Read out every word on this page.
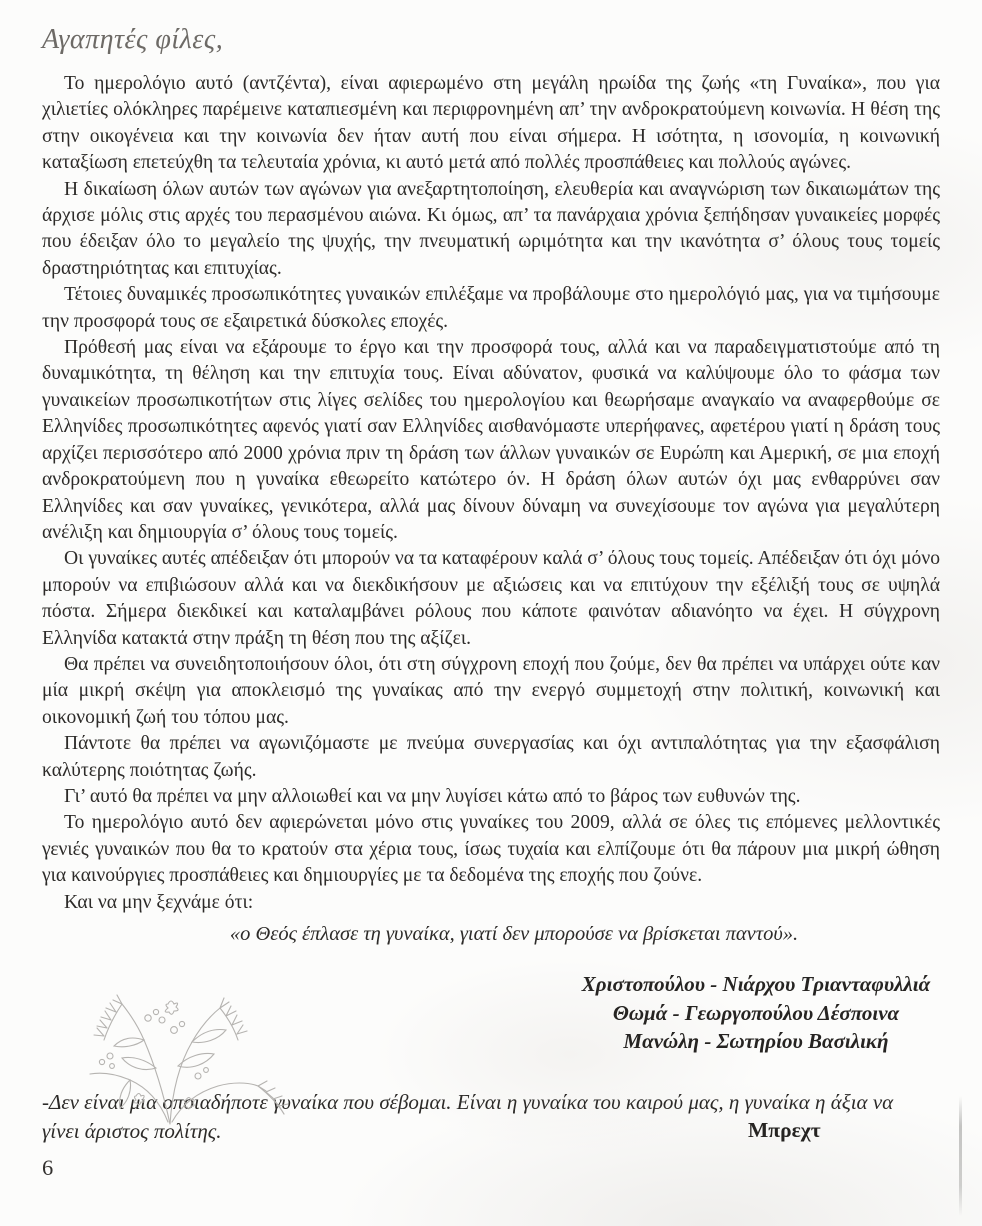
Αγαπητές φίλες,

Το ημερολόγιο αυτό (αντζέντα), είναι αφιερωμένο στη μεγάλη ηρωίδα της ζωής «τη Γυναίκα», που για χιλιετίες ολόκληρες παρέμεινε καταπιεσμένη και περιφρονημένη απ’ την ανδροκρατούμενη κοινωνία. Η θέση της στην οικογένεια και την κοινωνία δεν ήταν αυτή που είναι σήμερα. Η ισότητα, η ισονομία, η κοινωνική καταξίωση επετεύχθη τα τελευταία χρόνια, κι αυτό μετά από πολλές προσπάθειες και πολλούς αγώνες.

Η δικαίωση όλων αυτών των αγώνων για ανεξαρτητοποίηση, ελευθερία και αναγνώριση των δικαιωμάτων της άρχισε μόλις στις αρχές του περασμένου αιώνα. Κι όμως, απ’ τα πανάρχαια χρόνια ξεπήδησαν γυναικείες μορφές που έδειξαν όλο το μεγαλείο της ψυχής, την πνευματική ωριμότητα και την ικανότητα σ’ όλους τους τομείς δραστηριότητας και επιτυχίας.

Τέτοιες δυναμικές προσωπικότητες γυναικών επιλέξαμε να προβάλουμε στο ημερολόγιό μας, για να τιμήσουμε την προσφορά τους σε εξαιρετικά δύσκολες εποχές.

Πρόθεσή μας είναι να εξάρουμε το έργο και την προσφορά τους, αλλά και να παραδειγματιστούμε από τη δυναμικότητα, τη θέληση και την επιτυχία τους. Είναι αδύνατον, φυσικά να καλύψουμε όλο το φάσμα των γυναικείων προσωπικοτήτων στις λίγες σελίδες του ημερολογίου και θεωρήσαμε αναγκαίο να αναφερθούμε σε Ελληνίδες προσωπικότητες αφενός γιατί σαν Ελληνίδες αισθανόμαστε υπερήφανες, αφετέρου γιατί η δράση τους αρχίζει περισσότερο από 2000 χρόνια πριν τη δράση των άλλων γυναικών σε Ευρώπη και Αμερική, σε μια εποχή ανδροκρατούμενη που η γυναίκα εθεωρείτο κατώτερο όν. Η δράση όλων αυτών όχι μας ενθαρρύνει σαν Ελληνίδες και σαν γυναίκες, γενικότερα, αλλά μας δίνουν δύναμη να συνεχίσουμε τον αγώνα για μεγαλύτερη ανέλιξη και δημιουργία σ’ όλους τους τομείς.

Οι γυναίκες αυτές απέδειξαν ότι μπορούν να τα καταφέρουν καλά σ’ όλους τους τομείς. Απέδειξαν ότι όχι μόνο μπορούν να επιβιώσουν αλλά και να διεκδικήσουν με αξιώσεις και να επιτύχουν την εξέλιξή τους σε υψηλά πόστα. Σήμερα διεκδικεί και καταλαμβάνει ρόλους που κάποτε φαινόταν αδιανόητο να έχει. Η σύγχρονη Ελληνίδα κατακτά στην πράξη τη θέση που της αξίζει.

Θα πρέπει να συνειδητοποιήσουν όλοι, ότι στη σύγχρονη εποχή που ζούμε, δεν θα πρέπει να υπάρχει ούτε καν μία μικρή σκέψη για αποκλεισμό της γυναίκας από την ενεργό συμμετοχή στην πολιτική, κοινωνική και οικονομική ζωή του τόπου μας.

Πάντοτε θα πρέπει να αγωνιζόμαστε με πνεύμα συνεργασίας και όχι αντιπαλότητας για την εξασφάλιση καλύτερης ποιότητας ζωής.

Γι’ αυτό θα πρέπει να μην αλλοιωθεί και να μην λυγίσει κάτω από το βάρος των ευθυνών της.

Το ημερολόγιο αυτό δεν αφιερώνεται μόνο στις γυναίκες του 2009, αλλά σε όλες τις επόμενες μελλοντικές γενιές γυναικών που θα το κρατούν στα χέρια τους, ίσως τυχαία και ελπίζουμε ότι θα πάρουν μια μικρή ώθηση για καινούργιες προσπάθειες και δημιουργίες με τα δεδομένα της εποχής που ζούνε.

Και να μην ξεχνάμε ότι:

«ο Θεός έπλασε τη γυναίκα, γιατί δεν μπορούσε να βρίσκεται παντού».
Χριστοπούλου - Νιάρχου Τριανταφυλλιά
Θωμά - Γεωργοπούλου Δέσποινα
Μανώλη - Σωτηρίου Βασιλική
-Δεν είναι μια οποιαδήποτε γυναίκα που σέβομαι. Είναι η γυναίκα του καιρού μας, η γυναίκα η άξια να γίνει άριστος πολίτης.	Μπρεχτ
6
